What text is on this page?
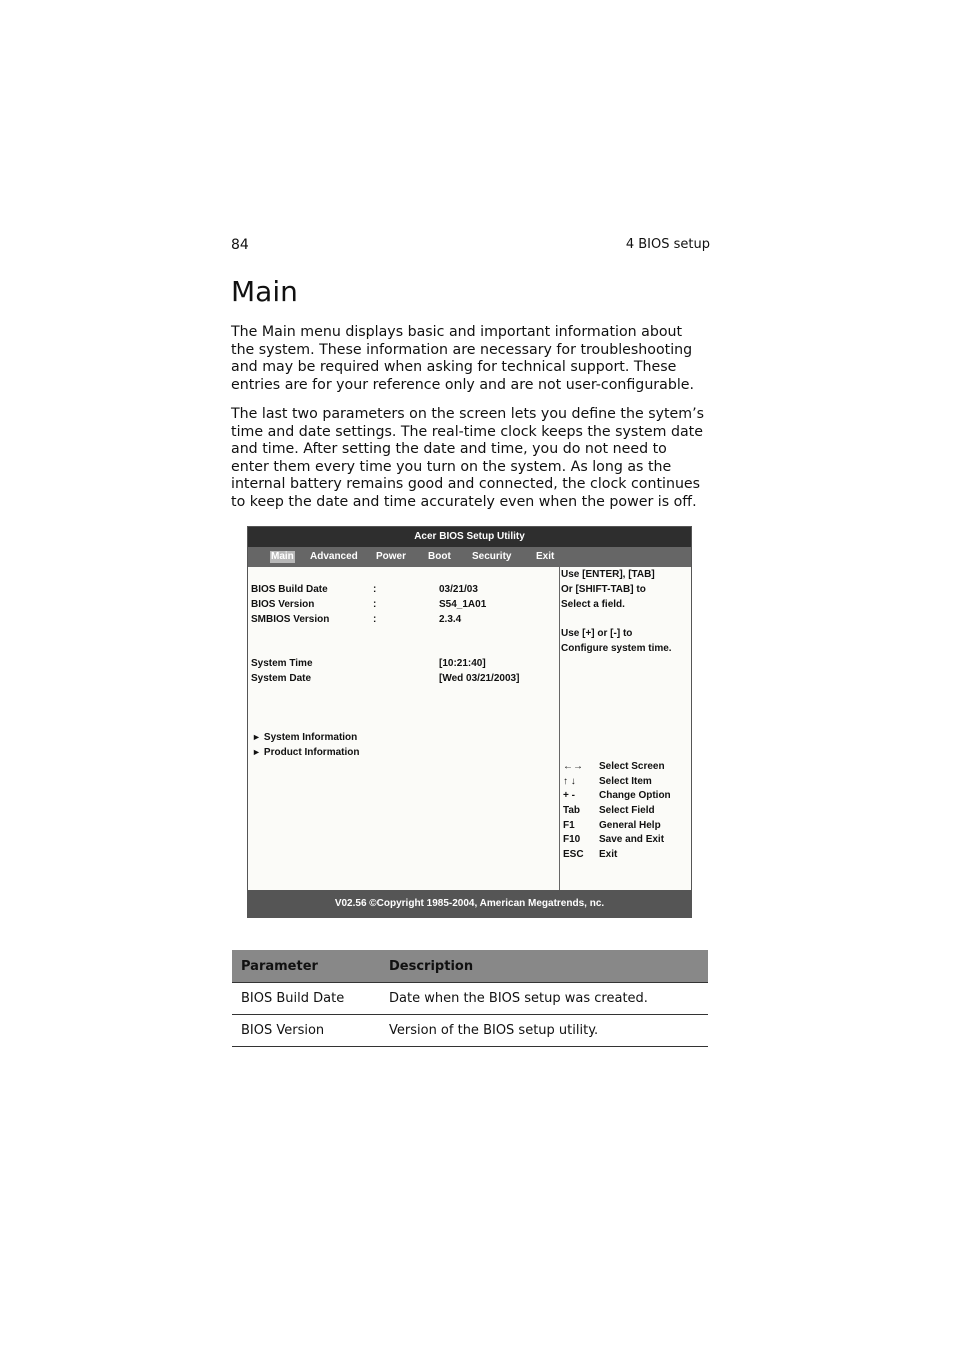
84	4 BIOS setup
Main

The Main menu displays basic and important information about the system. These information are necessary for troubleshooting and may be required when asking for technical support. These entries are for your reference only and are not user-configurable.

The last two parameters on the screen lets you define the sytem’s time and date settings. The real-time clock keeps the system date and time. After setting the date and time, you do not need to enter them every time you turn on the system. As long as the internal battery remains good and connected, the clock continues to keep the date and time accurately even when the power is off.

Acer BIOS Setup Utility
Main Advanced Power Boot Security Exit
BIOS Build Date	:	03/21/03
BIOS Version	:	S54_1A01
SMBIOS Version	:	2.3.4
System Time	[10:21:40]
System Date	[Wed 03/21/2003]
► System Information
► Product Information
Use [ENTER], [TAB]
Or [SHIFT-TAB] to
Select a field.
Use [+] or [-] to
Configure system time.
←→	Select Screen
↑ ↓	Select Item
+ -	Change Option
Tab	Select Field
F1	General Help
F10	Save and Exit
ESC	Exit
V02.56 ©Copyright 1985-2004, American Megatrends, nc.
Parameter	Description
BIOS Build Date	Date when the BIOS setup was created.
BIOS Version	Version of the BIOS setup utility.
